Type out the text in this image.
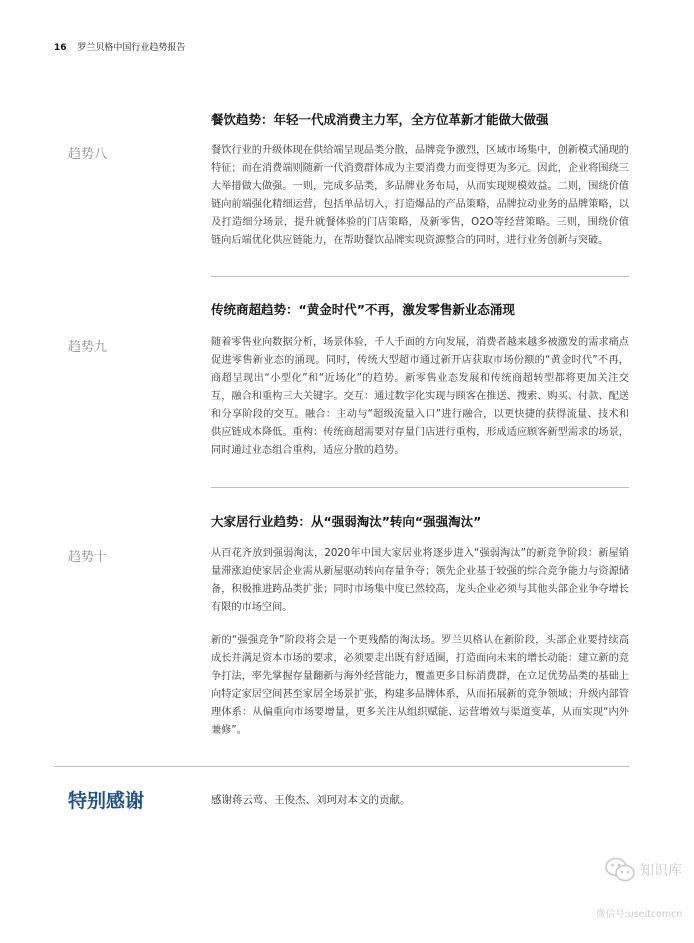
16 罗兰贝格中国行业趋势报告
餐饮趋势：年轻一代成消费主力军，全方位革新才能做大做强
趋势八	餐饮行业的升级体现在供给端呈现品类分散，品牌竞争激烈，区域市场集中，创新模式涌现的特征；而在消费端则随新一代消费群体成为主要消费力而变得更为多元。因此，企业将围绕三大举措做大做强。一则，完成多品类，多品牌业务布局，从而实现规模效益。二则，围绕价值链向前端强化精细运营，包括单品切入，打造爆品的产品策略，品牌拉动业务的品牌策略，以及打造细分场景，提升就餐体验的门店策略，及新零售，O2O等经营策略。三则，围绕价值链向后端优化供应链能力，在帮助餐饮品牌实现资源整合的同时，进行业务创新与突破。
传统商超趋势：“黄金时代”不再，激发零售新业态涌现
趋势九	随着零售业向数据分析，场景体验，千人千面的方向发展，消费者越来越多被激发的需求痛点促进零售新业态的涌现。同时，传统大型超市通过新开店获取市场份额的“黄金时代”不再，商超呈现出“小型化”和“近场化”的趋势。新零售业态发展和传统商超转型都将更加关注交互，融合和重构三大关键字。交互：通过数字化实现与顾客在推送、搜索、购买、付款、配送和分享阶段的交互。融合：主动与“超级流量入口”进行融合，以更快捷的获得流量、技术和供应链成本降低。重构：传统商超需要对存量门店进行重构，形成适应顾客新型需求的场景，同时通过业态组合重构，适应分散的趋势。
大家居行业趋势：从“强弱淘汰”转向“强强淘汰”
趋势十	从百花齐放到强弱淘汰，2020年中国大家居业将逐步进入“强弱淘汰”的新竞争阶段：新屋销量滞涨迫使家居企业需从新屋驱动转向存量争夺；领先企业基于较强的综合竞争能力与资源储备，积极推进跨品类扩张；同时市场集中度已然较高，龙头企业必须与其他头部企业争夺增长有限的市场空间。
新的“强强竞争”阶段将会是一个更残酷的淘汰场。罗兰贝格认在新阶段，头部企业要持续高成长并满足资本市场的要求，必须要走出既有舒适圈，打造面向未来的增长动能：建立新的竞争打法，率先掌握存量翻新与海外经营能力，覆盖更多目标消费群，在立足优势品类的基础上向特定家居空间甚至家居全场景扩张，构建多品牌体系，从而拓展新的竞争领域；升级内部管理体系：从偏重向市场要增量，更多关注从组织赋能、运营增效与渠道变革，从而实现“内外兼修”。
特别感谢	感谢蒋云莺、王俊杰、刘珂对本文的贡献。
知识库
微信号:useitcomcn
